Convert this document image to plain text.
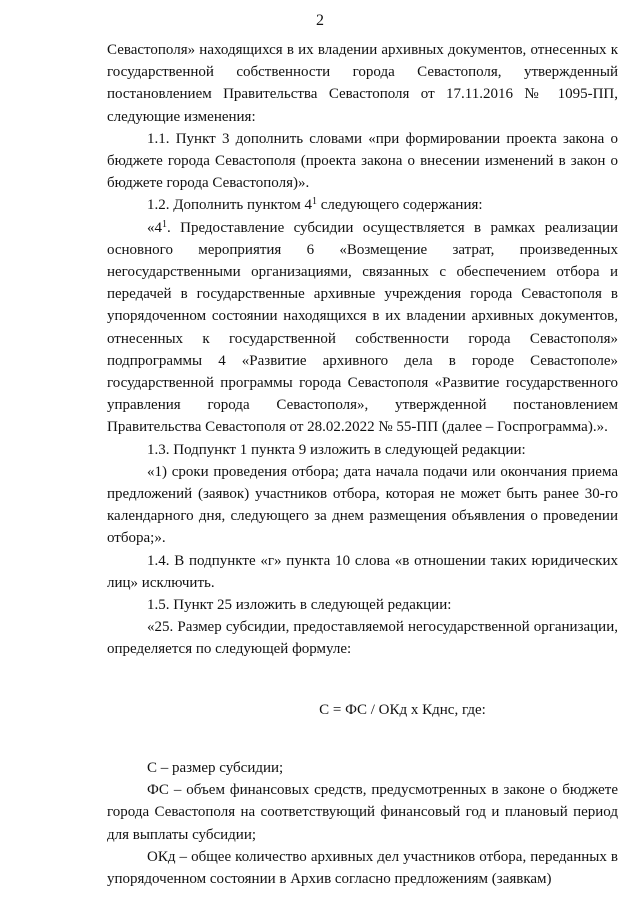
2

Севастополя» находящихся в их владении архивных документов, отнесенных к государственной собственности города Севастополя, утвержденный постановлением Правительства Севастополя от 17.11.2016 № 1095-ПП, следующие изменения:

1.1. Пункт 3 дополнить словами «при формировании проекта закона о бюджете города Севастополя (проекта закона о внесении изменений в закон о бюджете города Севастополя)».

1.2. Дополнить пунктом $4^1$ следующего содержания:

«$4^1$. Предоставление субсидии осуществляется в рамках реализации основного мероприятия 6 «Возмещение затрат, произведенных негосударственными организациями, связанных с обеспечением отбора и передачей в государственные архивные учреждения города Севастополя в упорядоченном состоянии находящихся в их владении архивных документов, отнесенных к государственной собственности города Севастополя» подпрограммы 4 «Развитие архивного дела в городе Севастополе» государственной программы города Севастополя «Развитие государственного управления города Севастополя», утвержденной постановлением Правительства Севастополя от 28.02.2022 № 55-ПП (далее – Госпрограмма).».

1.3. Подпункт 1 пункта 9 изложить в следующей редакции:

«1) сроки проведения отбора; дата начала подачи или окончания приема предложений (заявок) участников отбора, которая не может быть ранее 30-го календарного дня, следующего за днем размещения объявления о проведении отбора;».

1.4. В подпункте «г» пункта 10 слова «в отношении таких юридических лиц» исключить.

1.5. Пункт 25 изложить в следующей редакции:

«25. Размер субсидии, предоставляемой негосударственной организации, определяется по следующей формуле:

С = ФС / ОКд х Кднс, где:

С – размер субсидии;

ФС – объем финансовых средств, предусмотренных в законе о бюджете города Севастополя на соответствующий финансовый год и плановый период для выплаты субсидии;

ОКд – общее количество архивных дел участников отбора, переданных в упорядоченном состоянии в Архив согласно предложениям (заявкам)
